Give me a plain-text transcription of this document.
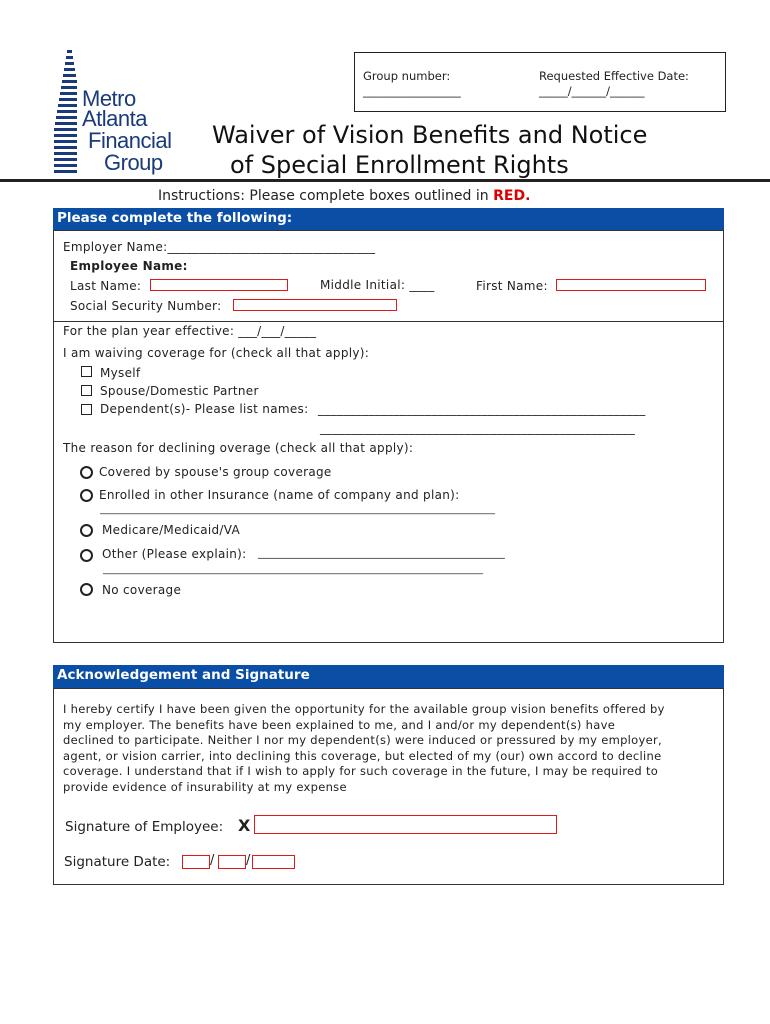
Metro
Atlanta
Financial
Group
Group number:
_________________
Requested Effective Date:
_____/______/______
Waiver of Vision Benefits and Notice
of Special Enrollment Rights
Instructions: Please complete boxes outlined in RED.
Please complete the following:
Employer Name:_________________________________
Employee Name:
Last Name:	Middle Initial: ____	First Name:
Social Security Number:
For the plan year effective: ___/___/_____
I am waiving coverage for (check all that apply):
Myself
Spouse/Domestic Partner
Dependent(s)- Please list names: ____________________________________________________
__________________________________________________
The reason for declining overage (check all that apply):
Covered by spouse's group coverage
Enrolled in other Insurance (name of company and plan):
_______________________________________________________________________________
Medicare/Medicaid/VA
Other (Please explain): _______________________________________________
____________________________________________________________________________
No coverage
Acknowledgement and Signature
I hereby certify I have been given the opportunity for the available group vision benefits offered by
my employer. The benefits have been explained to me, and I and/or my dependent(s) have
declined to participate. Neither I nor my dependent(s) were induced or pressured by my employer,
agent, or vision carrier, into declining this coverage, but elected of my (our) own accord to decline
coverage. I understand that if I wish to apply for such coverage in the future, I may be required to
provide evidence of insurability at my expense
Signature of Employee: X
Signature Date:	/ /
